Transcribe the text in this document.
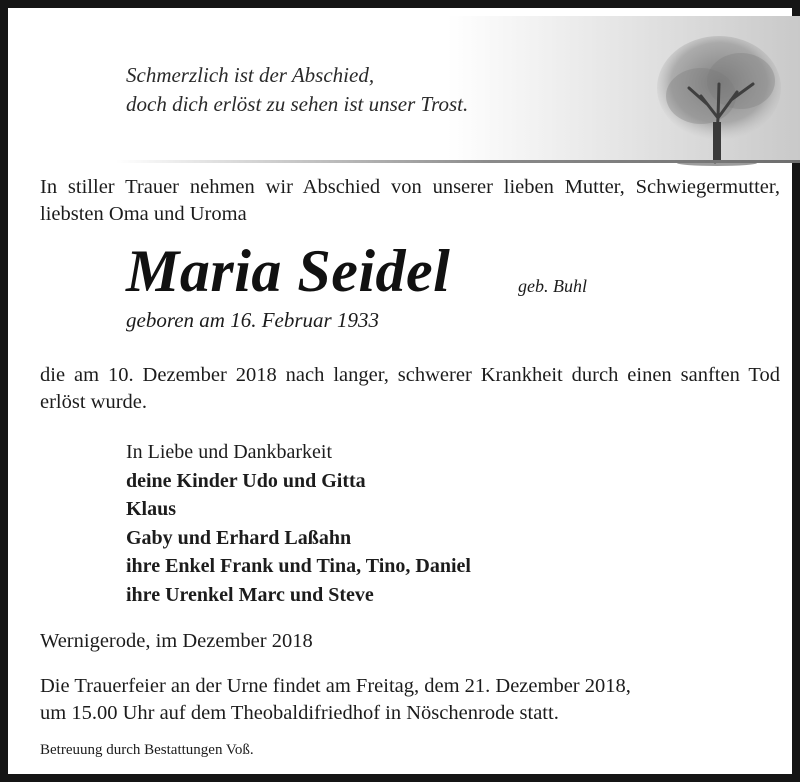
Schmerzlich ist der Abschied,
doch dich erlöst zu sehen ist unser Trost.

In stiller Trauer nehmen wir Abschied von unserer lieben Mutter, Schwiegermutter, liebsten Oma und Uroma

Maria Seidel	geb. Buhl
geboren am 16. Februar 1933

die am 10. Dezember 2018 nach langer, schwerer Krankheit durch einen sanften Tod erlöst wurde.

In Liebe und Dankbarkeit
deine Kinder Udo und Gitta
Klaus
Gaby und Erhard Laßahn
ihre Enkel Frank und Tina, Tino, Daniel
ihre Urenkel Marc und Steve

Wernigerode, im Dezember 2018

Die Trauerfeier an der Urne findet am Freitag, dem 21. Dezember 2018,
um 15.00 Uhr auf dem Theobaldifriedhof in Nöschenrode statt.

Betreuung durch Bestattungen Voß.
